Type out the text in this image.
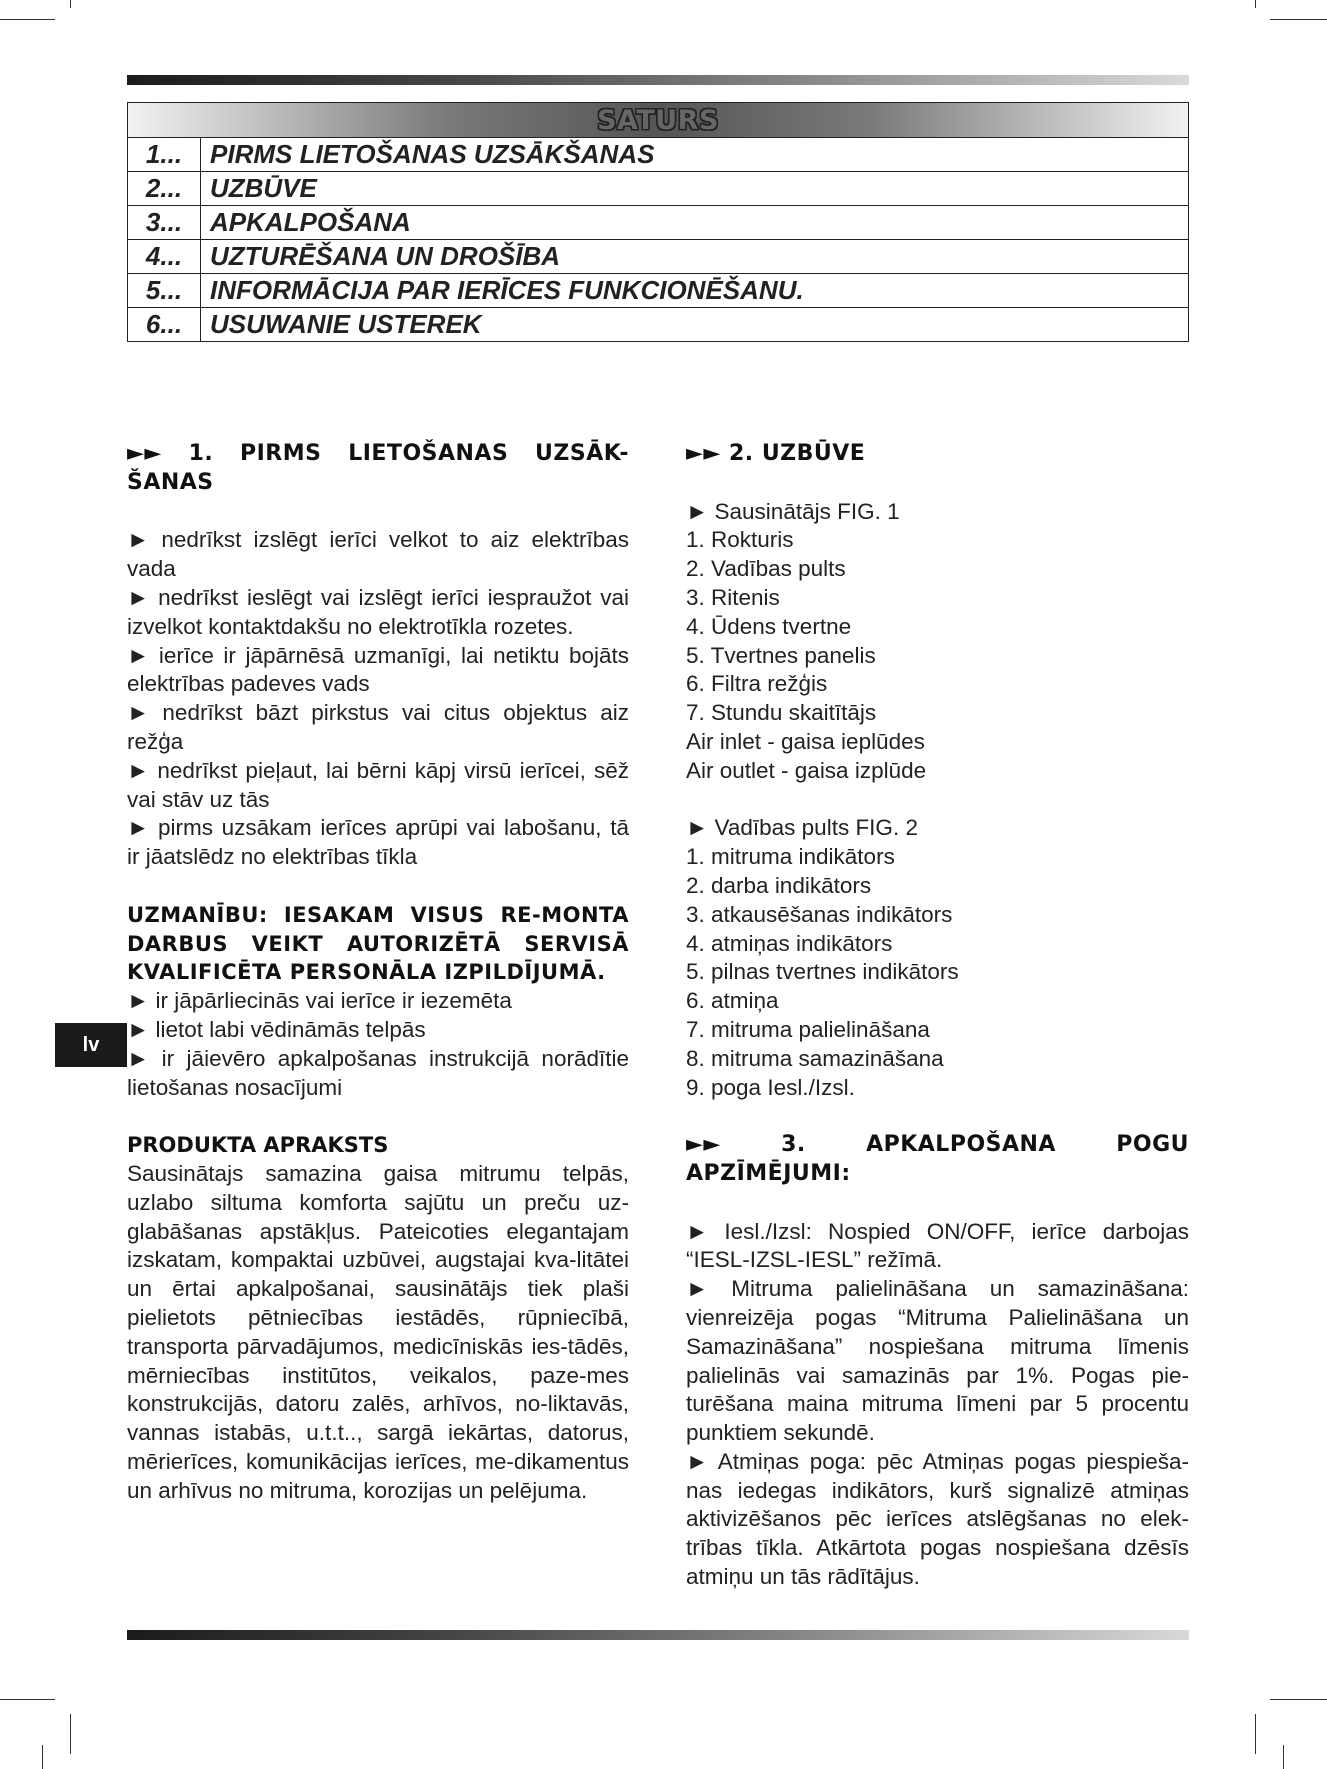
SATURS	
1...	PIRMS LIETOŠANAS UZSĀKŠANAS
2...	UZBŪVE
3...	APKALPOŠANA
4...	UZTURĒŠANA UN DROŠĪBA
5...	INFORMĀCIJA PAR IERĪCES FUNKCIONĒŠANU.
6...	USUWANIE USTEREK
►► 1. PIRMS LIETOŠANAS UZSĀK-ŠANAS

► nedrīkst izslēgt ierīci velkot to aiz elektrības vada

► nedrīkst ieslēgt vai izslēgt ierīci iespraužot vai izvelkot kontaktdakšu no elektrotīkla rozetes.

► ierīce ir jāpārnēsā uzmanīgi, lai netiktu bojāts elektrības padeves vads

► nedrīkst bāzt pirkstus vai citus objektus aiz režģa

► nedrīkst pieļaut, lai bērni kāpj virsū ierīcei, sēž vai stāv uz tās

► pirms uzsākam ierīces aprūpi vai labošanu, tā ir jāatslēdz no elektrības tīkla

UZMANĪBU: IESAKAM VISUS RE-MONTA DARBUS VEIKT AUTORIZĒTĀ SERVISĀ KVALIFICĒTA PERSONĀLA IZPILDĪJUMĀ.

► ir jāpārliecinās vai ierīce ir iezemēta

► lietot labi vēdināmās telpās

► ir jāievēro apkalpošanas instrukcijā norādītie lietošanas nosacījumi

PRODUKTA APRAKSTS

Sausinātajs samazina gaisa mitrumu telpās, uzlabo siltuma komforta sajūtu un preču uz-glabāšanas apstākļus. Pateicoties elegantajam izskatam, kompaktai uzbūvei, augstajai kva-litātei un ērtai apkalpošanai, sausinātājs tiek plaši pielietots pētniecības iestādēs, rūpniecībā, transporta pārvadājumos, medicīniskās ies-tādēs, mērniecības institūtos, veikalos, paze-mes konstrukcijās, datoru zalēs, arhīvos, no-liktavās, vannas istabās, u.t.t.., sargā iekārtas, datorus, mērierīces, komunikācijas ierīces, me-dikamentus un arhīvus no mitruma, korozijas un pelējuma.

lv
►► 2. UZBŪVE

► Sausinātājs FIG. 1

1. Rokturis

2. Vadības pults

3. Ritenis

4. Ūdens tvertne

5. Tvertnes panelis

6. Filtra režģis

7. Stundu skaitītājs

Air inlet - gaisa ieplūdes

Air outlet - gaisa izplūde

► Vadības pults FIG. 2

1. mitruma indikātors

2. darba indikātors

3. atkausēšanas indikātors

4. atmiņas indikātors

5. pilnas tvertnes indikātors

6. atmiņa

7. mitruma palielināšana

8. mitruma samazināšana

9. poga Iesl./Izsl.

►► 3. APKALPOŠANA POGU APZĪMĒJUMI:

► Iesl./Izsl: Nospied ON/OFF, ierīce darbojas “IESL-IZSL-IESL” režīmā.

► Mitruma palielināšana un samazināšana: vienreizēja pogas “Mitruma Palielināšana un Samazināšana” nospiešana mitruma līmenis palielinās vai samazinās par 1%. Pogas pie-turēšana maina mitruma līmeni par 5 procentu punktiem sekundē.

► Atmiņas poga: pēc Atmiņas pogas piespieša-nas iedegas indikātors, kurš signalizē atmiņas aktivizēšanos pēc ierīces atslēgšanas no elek-trības tīkla. Atkārtota pogas nospiešana dzēsīs atmiņu un tās rādītājus.
